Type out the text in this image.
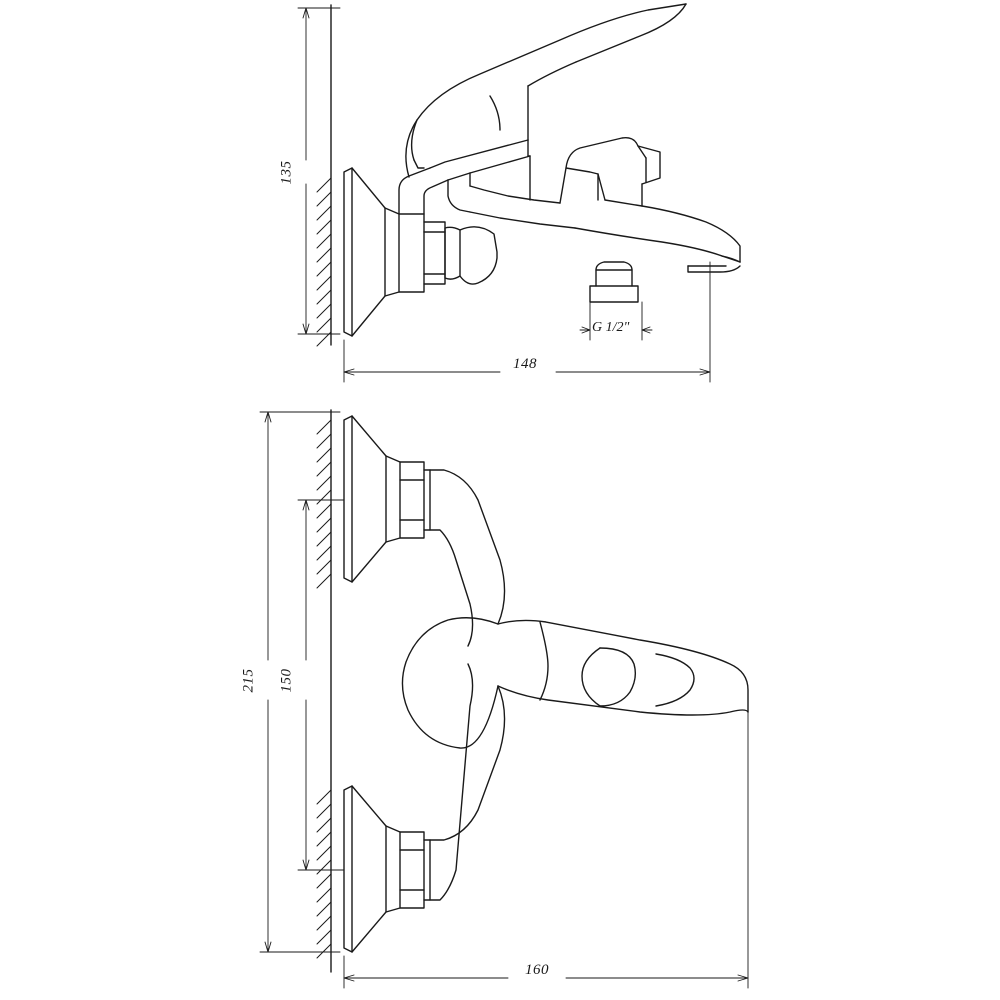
135
148
G 1/2"
215 150
160
